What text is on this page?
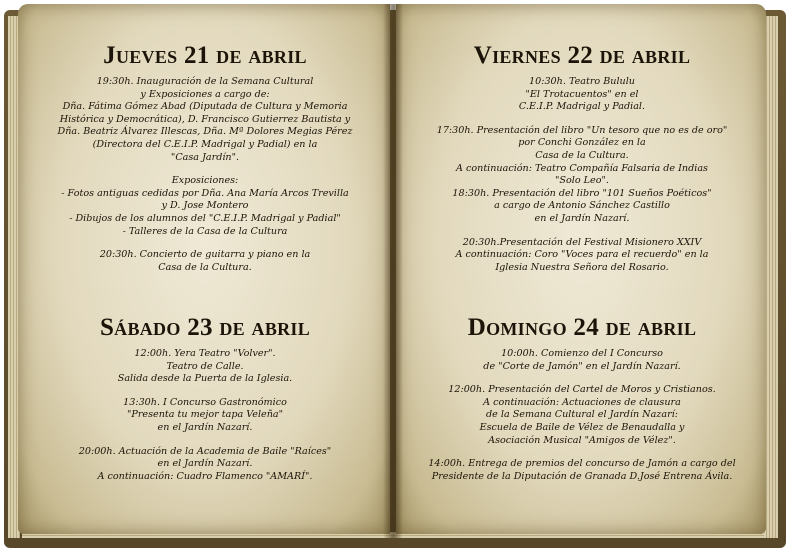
Jueves 21 de abril
19:30h. Inauguración de la Semana Cultural
y Exposiciones a cargo de:
Dña. Fátima Gómez Abad (Diputada de Cultura y Memoria
Histórica y Democrática), D. Francisco Gutierrez Bautista y
Dña. Beatriz Álvarez Illescas, Dña. Mª Dolores Megias Pérez
(Directora del C.E.I.P. Madrigal y Padial) en la
"Casa Jardín".
Exposiciones:
- Fotos antiguas cedidas por Dña. Ana María Arcos Trevilla
y D. Jose Montero
- Dibujos de los alumnos del "C.E.I.P. Madrigal y Padial"
- Talleres de la Casa de la Cultura
20:30h. Concierto de guitarra y piano en la
Casa de la Cultura.
Sábado 23 de abril
12:00h. Yera Teatro "Volver".
Teatro de Calle.
Salida desde la Puerta de la Iglesia.
13:30h. I Concurso Gastronómico
"Presenta tu mejor tapa Veleña"
en el Jardín Nazarí.
20:00h. Actuación de la Academia de Baile "Raíces"
en el Jardín Nazarí.
A continuación: Cuadro Flamenco "AMARÍ".
Viernes 22 de abril
10:30h. Teatro Bululu
"El Trotacuentos" en el
C.E.I.P. Madrigal y Padial.
17:30h. Presentación del libro "Un tesoro que no es de oro"
por Conchi González en la
Casa de la Cultura.
A continuación: Teatro Compañía Falsaria de Indias
"Solo Leo".
18:30h. Presentación del libro "101 Sueños Poéticos"
a cargo de Antonio Sánchez Castillo
en el Jardín Nazarí.
20:30h.Presentación del Festival Misionero XXIV
A continuación: Coro "Voces para el recuerdo" en la
Iglesia Nuestra Señora del Rosario.
Domingo 24 de abril
10:00h. Comienzo del I Concurso
de "Corte de Jamón" en el Jardín Nazarí.
12:00h. Presentación del Cartel de Moros y Cristianos.
A continuación: Actuaciones de clausura
de la Semana Cultural el Jardín Nazarí:
Escuela de Baile de Vélez de Benaudalla y
Asociación Musical "Amigos de Vélez".
14:00h. Entrega de premios del concurso de Jamón a cargo del
Presidente de la Diputación de Granada D.José Entrena Ávila.
